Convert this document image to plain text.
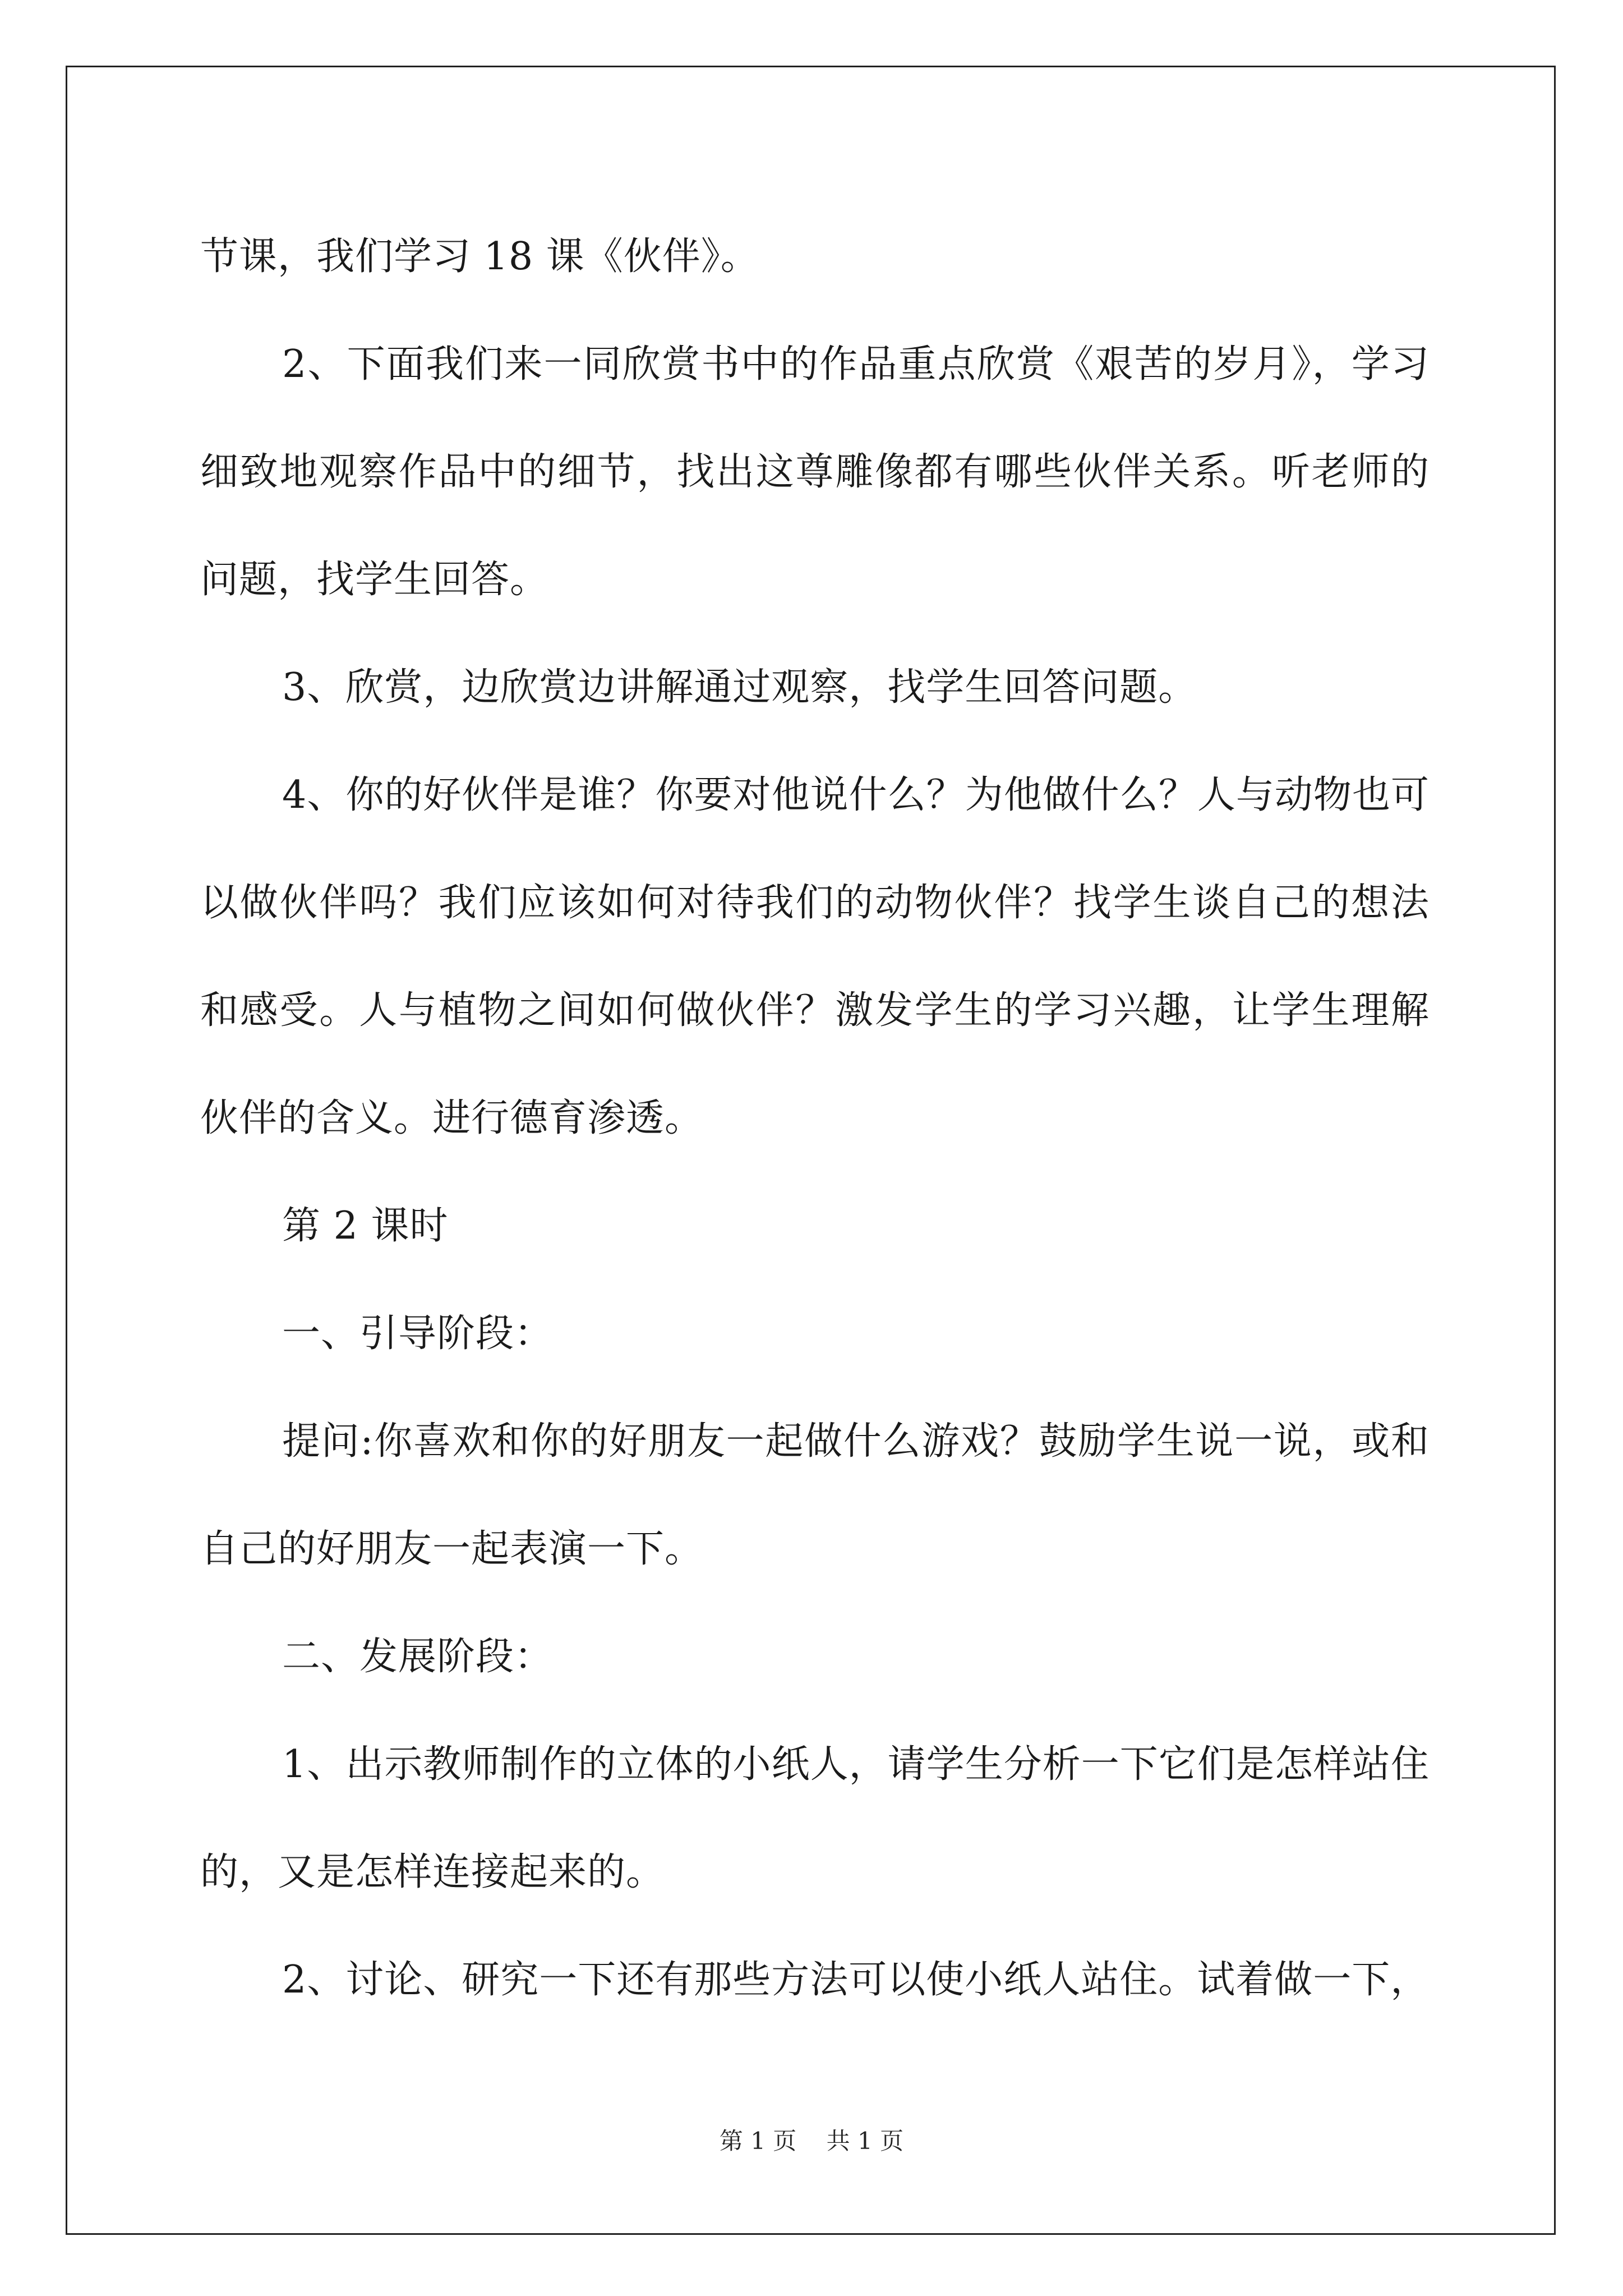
节课，我们学习 18 课《伙伴》。

2、下面我们来一同欣赏书中的作品重点欣赏《艰苦的岁月》，学习细致地观察作品中的细节，找出这尊雕像都有哪些伙伴关系。听老师的问题，找学生回答。

3、欣赏，边欣赏边讲解通过观察，找学生回答问题。

4、你的好伙伴是谁？你要对他说什么？为他做什么？人与动物也可以做伙伴吗？我们应该如何对待我们的动物伙伴？找学生谈自己的想法和感受。人与植物之间如何做伙伴？激发学生的学习兴趣，让学生理解伙伴的含义。进行德育渗透。

第 2 课时

一、引导阶段：

提问:你喜欢和你的好朋友一起做什么游戏？鼓励学生说一说，或和自己的好朋友一起表演一下。

二、发展阶段：

1、出示教师制作的立体的小纸人，请学生分析一下它们是怎样站住的，又是怎样连接起来的。

2、讨论、研究一下还有那些方法可以使小纸人站住。试着做一下，

第 1 页 共 1 页
